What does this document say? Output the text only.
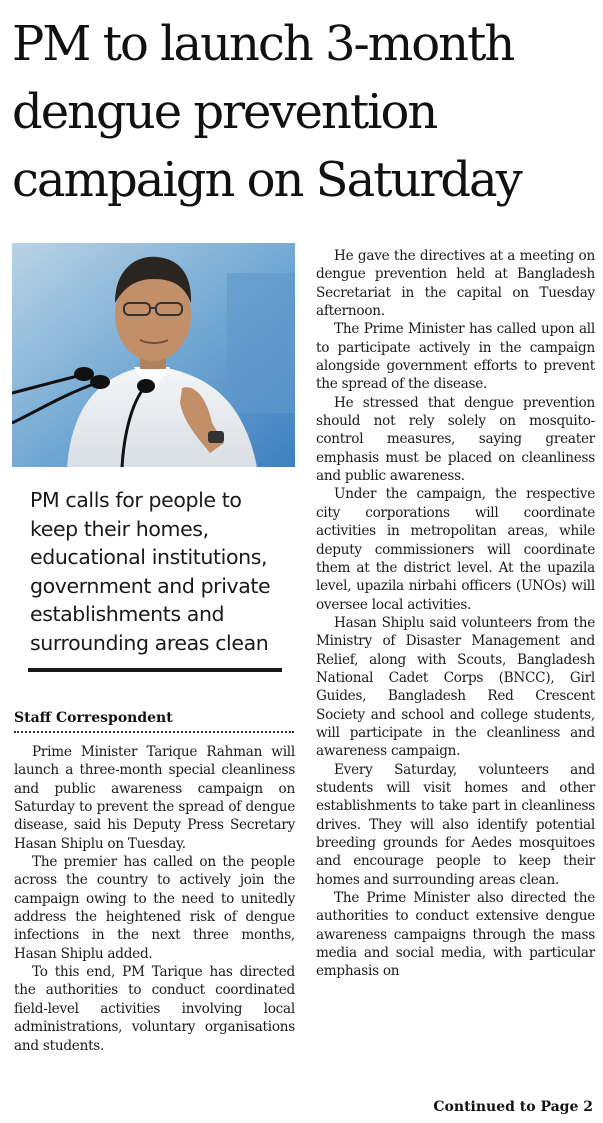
PM to launch 3-month dengue prevention campaign on Saturday
PM calls for people to keep their homes, educational institutions, government and private establishments and surrounding areas clean
Staff Correspondent

Prime Minister Tarique Rahman will launch a three-month special cleanliness and public awareness campaign on Saturday to prevent the spread of dengue disease, said his Deputy Press Secretary Hasan Shiplu on Tuesday.

The premier has called on the people across the country to actively join the campaign owing to the need to unitedly address the heightened risk of dengue infections in the next three months, Hasan Shiplu added.

To this end, PM Tarique has directed the authorities to conduct coordinated field-level activities involving local administrations, voluntary organisations and students.

He gave the directives at a meeting on dengue prevention held at Bangladesh Secretariat in the capital on Tuesday afternoon.

The Prime Minister has called upon all to participate actively in the campaign alongside government efforts to prevent the spread of the disease.

He stressed that dengue prevention should not rely solely on mosquito-control measures, saying greater emphasis must be placed on cleanliness and public awareness.

Under the campaign, the respective city corporations will coordinate activities in metropolitan areas, while deputy commissioners will coordinate them at the district level. At the upazila level, upazila nirbahi officers (UNOs) will oversee local activities.

Hasan Shiplu said volunteers from the Ministry of Disaster Management and Relief, along with Scouts, Bangladesh National Cadet Corps (BNCC), Girl Guides, Bangladesh Red Crescent Society and school and college students, will participate in the cleanliness and awareness campaign.

Every Saturday, volunteers and students will visit homes and other establishments to take part in cleanliness drives. They will also identify potential breeding grounds for Aedes mosquitoes and encourage people to keep their homes and surrounding areas clean.

The Prime Minister also directed the authorities to conduct extensive dengue awareness campaigns through the mass media and social media, with particular emphasis on

Continued to Page 2
